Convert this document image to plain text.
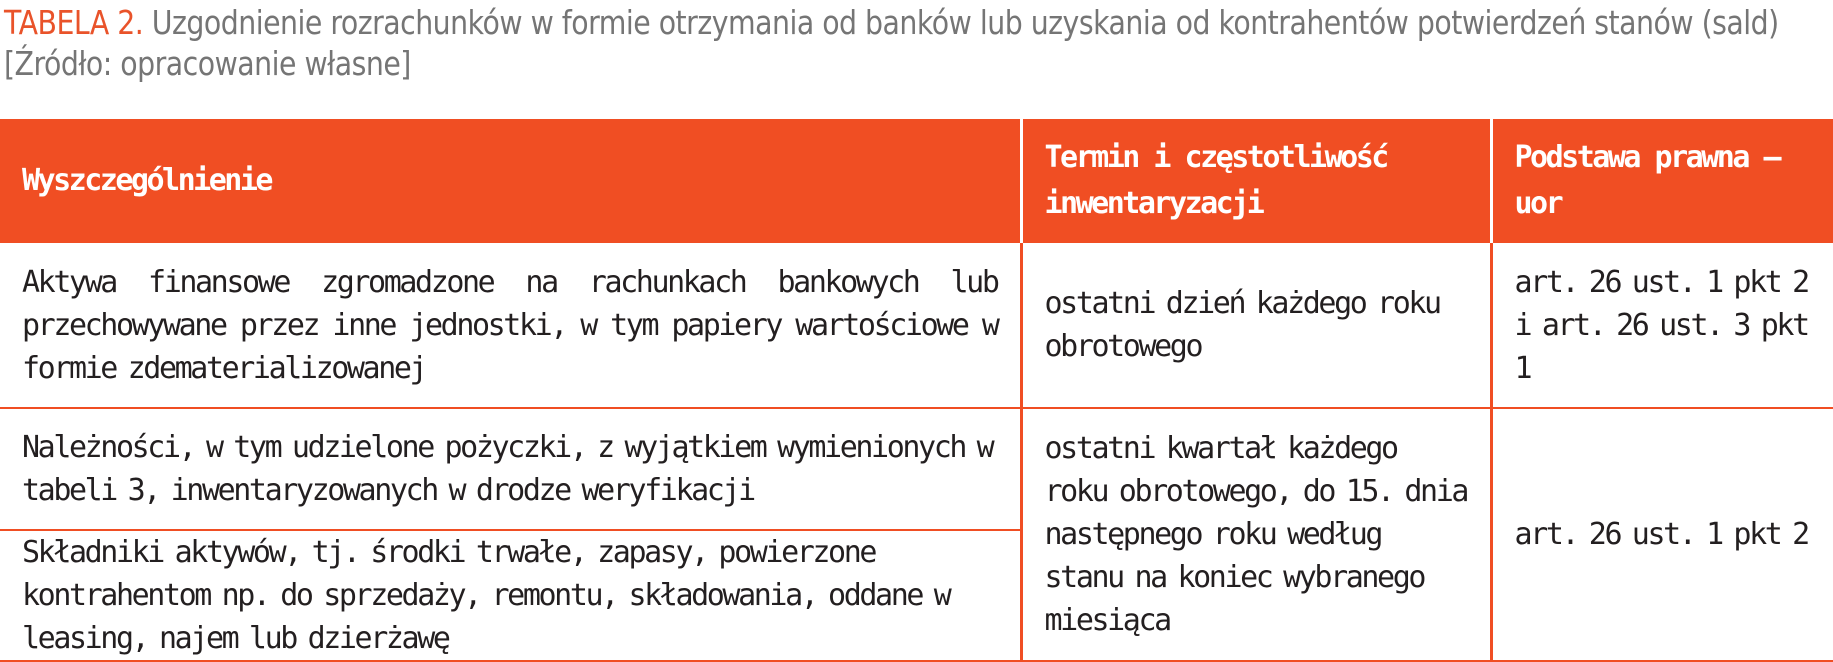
TABELA 2. Uzgodnienie rozrachunków w formie otrzymania od banków lub uzyskania od kontrahentów potwierdzeń stanów (sald)
[Źródło: opracowanie własne]
Wyszczególnienie	Termin i częstotliwość inwentaryzacji	Podstawa prawna – uor
Aktywa finansowe zgromadzone na rachunkach bankowych lub przechowywane przez inne jednostki, w tym papiery wartościowe w formie zdematerializowanej	ostatni dzień każdego roku obrotowego	art. 26 ust. 1 pkt 2 i art. 26 ust. 3 pkt 1
Należności, w tym udzielone pożyczki, z wyjątkiem wymienionych w tabeli 3, inwentaryzowanych w drodze weryfikacji	ostatni kwartał każdego roku obrotowego, do 15. dnia następnego roku według stanu na koniec wybranego miesiąca	art. 26 ust. 1 pkt 2
Składniki aktywów, tj. środki trwałe, zapasy, powierzone kontrahentom np. do sprzedaży, remontu, składowania, oddane w leasing, najem lub dzierżawę		
